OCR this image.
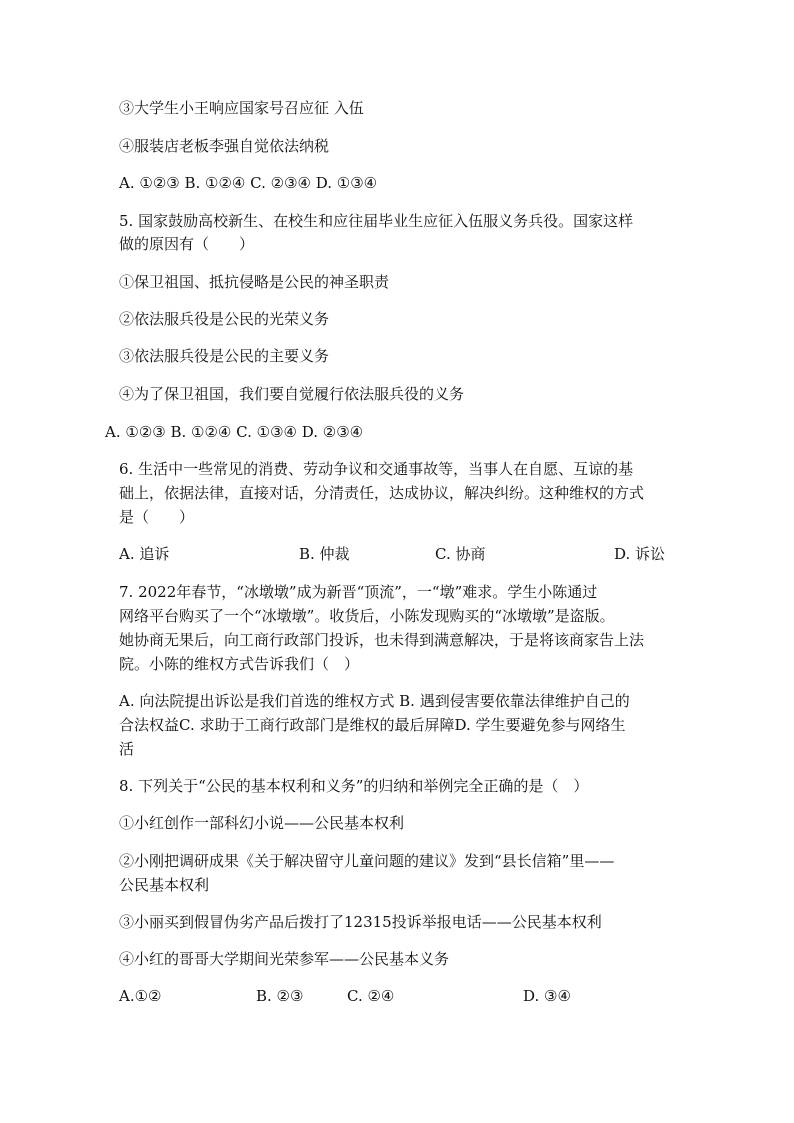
③大学生小王响应国家号召应征 入伍
④服装店老板李强自觉依法纳税
A. ①②③ B. ①②④ C. ②③④ D. ①③④
5. 国家鼓励高校新生、在校生和应往届毕业生应征入伍服义务兵役。国家这样
做的原因有（　　）
①保卫祖国、抵抗侵略是公民的神圣职责
②依法服兵役是公民的光荣义务
③依法服兵役是公民的主要义务
④为了保卫祖国，我们要自觉履行依法服兵役的义务
A. ①②③ B. ①②④ C. ①③④ D. ②③④
6. 生活中一些常见的消费、劳动争议和交通事故等，当事人在自愿、互谅的基
础上，依据法律，直接对话，分清责任，达成协议，解决纠纷。这种维权的方式
是（　　）
A. 追诉	B. 仲裁	C. 协商	D. 诉讼
7. 2022年春节，“冰墩墩”成为新晋“顶流”，一“墩”难求。学生小陈通过
网络平台购买了一个“冰墩墩”。收货后，小陈发现购买的“冰墩墩”是盗版。
她协商无果后，向工商行政部门投诉，也未得到满意解决，于是将该商家告上法
院。小陈的维权方式告诉我们（　）
A. 向法院提出诉讼是我们首选的维权方式 B. 遇到侵害要依靠法律维护自己的
合法权益C. 求助于工商行政部门是维权的最后屏障D. 学生要避免参与网络生
活
8. 下列关于“公民的基本权利和义务”的归纳和举例完全正确的是（　）
①小红创作一部科幻小说——公民基本权利
②小刚把调研成果《关于解决留守儿童问题的建议》发到“县长信箱”里——
公民基本权利
③小丽买到假冒伪劣产品后拨打了12315投诉举报电话——公民基本权利
④小红的哥哥大学期间光荣参军——公民基本义务
A.①②	B. ②③	C. ②④	D. ③④
